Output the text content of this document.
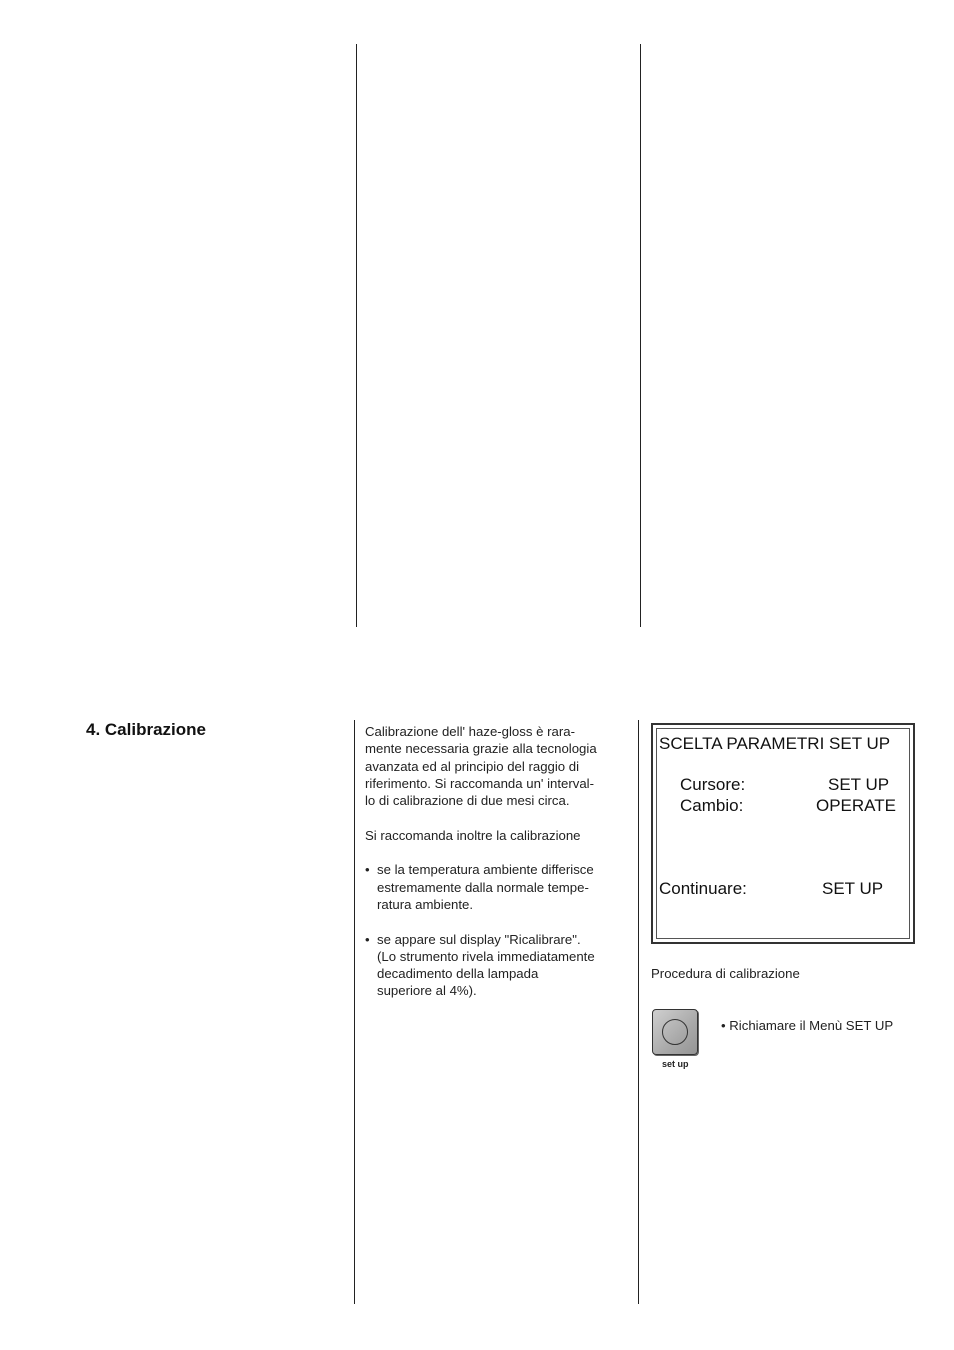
4. Calibrazione	Calibrazione dell' haze-gloss è rara-
mente necessaria grazie alla tecnologia
avanzata ed al principio del raggio di
riferimento. Si raccomanda un' interval-
lo di calibrazione di due mesi circa.

Si raccomanda inoltre la calibrazione

• se la temperatura ambiente differisce
estremamente dalla normale tempe-
ratura ambiente.
• se appare sul display "Ricalibrare".
(Lo strumento rivela immediatamente
decadimento della lampada
superiore al 4%).
SCELTA PARAMETRI SET UP
Cursore:	SET UP
Cambio:	OPERATE
Continuare:	SET UP
Procedura di calibrazione
set up
• Richiamare il Menù SET UP
